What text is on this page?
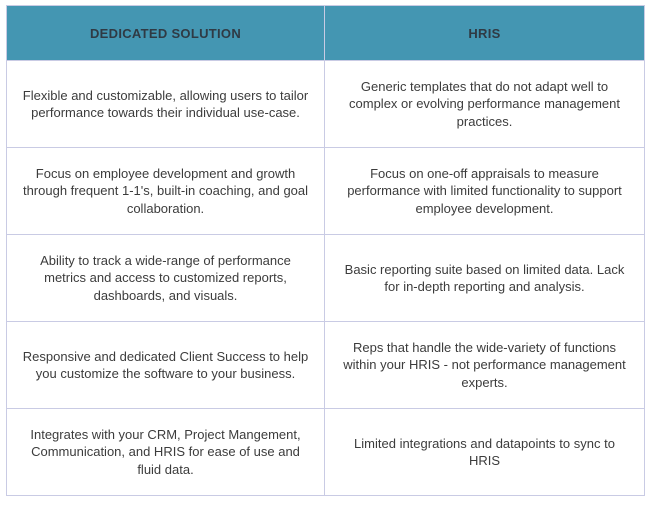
DEDICATED SOLUTION	HRIS
Flexible and customizable, allowing users to tailor performance towards their individual use-case.	Generic templates that do not adapt well to complex or evolving performance management practices.
Focus on employee development and growth through frequent 1-1's, built-in coaching, and goal collaboration.	Focus on one-off appraisals to measure performance with limited functionality to support employee development.
Ability to track a wide-range of performance metrics and access to customized reports, dashboards, and visuals.	Basic reporting suite based on limited data. Lack for in-depth reporting and analysis.
Responsive and dedicated Client Success to help you customize the software to your business.	Reps that handle the wide-variety of functions within your HRIS - not performance management experts.
Integrates with your CRM, Project Mangement, Communication, and HRIS for ease of use and fluid data.	Limited integrations and datapoints to sync to HRIS
